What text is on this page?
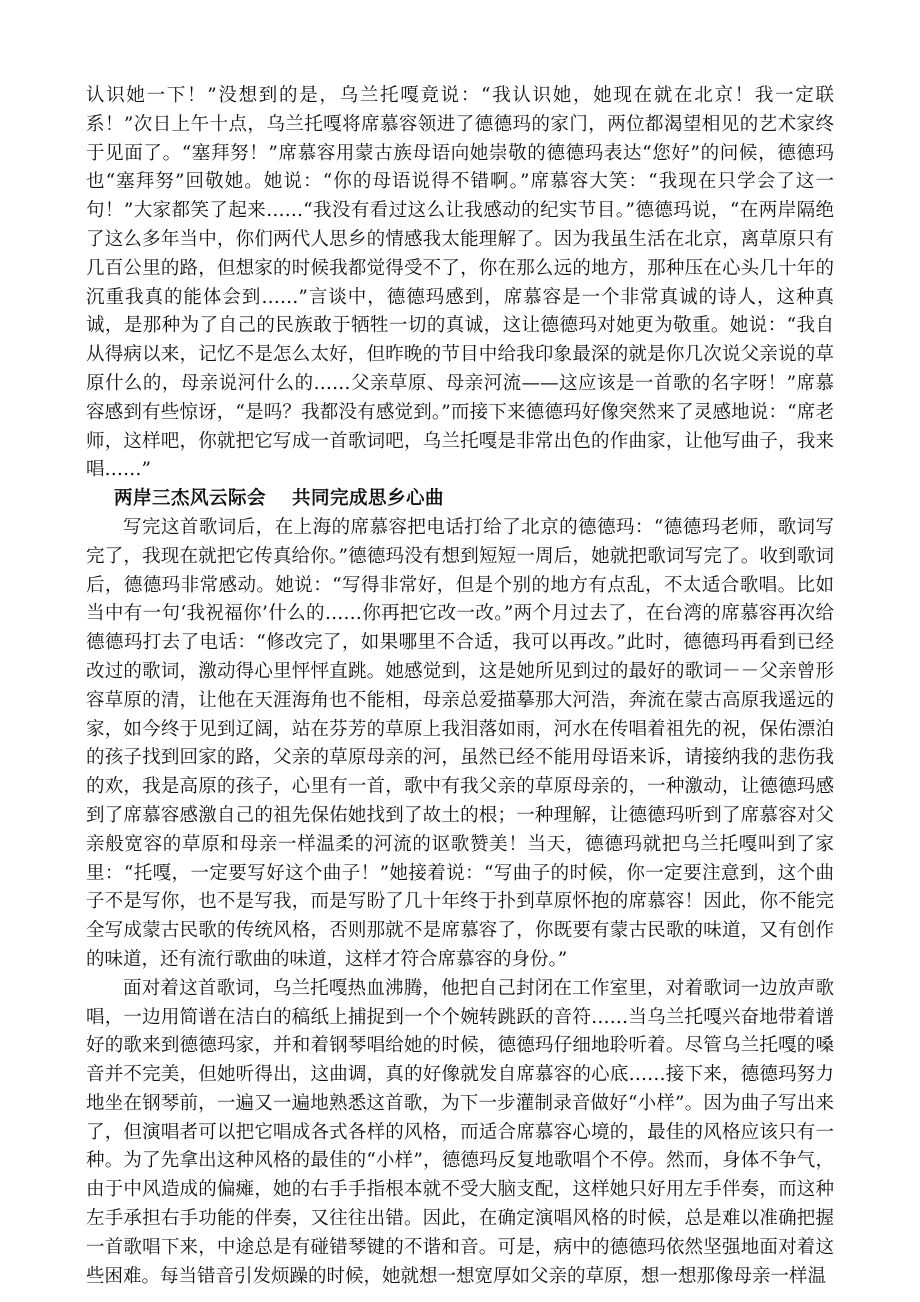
认识她一下！”没想到的是，乌兰托嘎竟说：“我认识她，她现在就在北京！我一定联系！”次日上午十点，乌兰托嘎将席慕容领进了德德玛的家门，两位都渴望相见的艺术家终于见面了。“塞拜努！”席慕容用蒙古族母语向她崇敬的德德玛表达“您好”的问候，德德玛也“塞拜努”回敬她。她说：“你的母语说得不错啊。”席慕容大笑：“我现在只学会了这一句！”大家都笑了起来……“我没有看过这么让我感动的纪实节目。”德德玛说，“在两岸隔绝了这么多年当中，你们两代人思乡的情感我太能理解了。因为我虽生活在北京，离草原只有几百公里的路，但想家的时候我都觉得受不了，你在那么远的地方，那种压在心头几十年的沉重我真的能体会到……”言谈中，德德玛感到，席慕容是一个非常真诚的诗人，这种真诚，是那种为了自己的民族敢于牺牲一切的真诚，这让德德玛对她更为敬重。她说：“我自从得病以来，记忆不是怎么太好，但昨晚的节目中给我印象最深的就是你几次说父亲说的草原什么的，母亲说河什么的……父亲草原、母亲河流——这应该是一首歌的名字呀！”席慕容感到有些惊讶，“是吗？我都没有感觉到。”而接下来德德玛好像突然来了灵感地说：“席老师，这样吧，你就把它写成一首歌词吧，乌兰托嘎是非常出色的作曲家，让他写曲子，我来唱……”

两岸三杰风云际会 共同完成思乡心曲

写完这首歌词后，在上海的席慕容把电话打给了北京的德德玛：“德德玛老师，歌词写完了，我现在就把它传真给你。”德德玛没有想到短短一周后，她就把歌词写完了。收到歌词后，德德玛非常感动。她说：“写得非常好，但是个别的地方有点乱，不太适合歌唱。比如当中有一句‘我祝福你’什么的……你再把它改一改。”两个月过去了，在台湾的席慕容再次给德德玛打去了电话：“修改完了，如果哪里不合适，我可以再改。”此时，德德玛再看到已经改过的歌词，激动得心里怦怦直跳。她感觉到，这是她所见到过的最好的歌词－－父亲曾形容草原的清，让他在天涯海角也不能相，母亲总爱描摹那大河浩，奔流在蒙古高原我遥远的家，如今终于见到辽阔，站在芬芳的草原上我泪落如雨，河水在传唱着祖先的祝，保佑漂泊的孩子找到回家的路，父亲的草原母亲的河，虽然已经不能用母语来诉，请接纳我的悲伤我的欢，我是高原的孩子，心里有一首，歌中有我父亲的草原母亲的，一种激动，让德德玛感到了席慕容感激自己的祖先保佑她找到了故土的根；一种理解，让德德玛听到了席慕容对父亲般宽容的草原和母亲一样温柔的河流的讴歌赞美！当天，德德玛就把乌兰托嘎叫到了家里：“托嘎，一定要写好这个曲子！”她接着说：“写曲子的时候，你一定要注意到，这个曲子不是写你，也不是写我，而是写盼了几十年终于扑到草原怀抱的席慕容！因此，你不能完全写成蒙古民歌的传统风格，否则那就不是席慕容了，你既要有蒙古民歌的味道，又有创作的味道，还有流行歌曲的味道，这样才符合席慕容的身份。”

面对着这首歌词，乌兰托嘎热血沸腾，他把自己封闭在工作室里，对着歌词一边放声歌唱，一边用简谱在洁白的稿纸上捕捉到一个个婉转跳跃的音符……当乌兰托嘎兴奋地带着谱好的歌来到德德玛家，并和着钢琴唱给她的时候，德德玛仔细地聆听着。尽管乌兰托嘎的嗓音并不完美，但她听得出，这曲调，真的好像就发自席慕容的心底……接下来，德德玛努力地坐在钢琴前，一遍又一遍地熟悉这首歌，为下一步灌制录音做好“小样”。因为曲子写出来了，但演唱者可以把它唱成各式各样的风格，而适合席慕容心境的，最佳的风格应该只有一种。为了先拿出这种风格的最佳的“小样”，德德玛反复地歌唱个不停。然而，身体不争气，由于中风造成的偏瘫，她的右手手指根本就不受大脑支配，这样她只好用左手伴奏，而这种左手承担右手功能的伴奏，又往往出错。因此，在确定演唱风格的时候，总是难以准确把握一首歌唱下来，中途总是有碰错琴键的不谐和音。可是，病中的德德玛依然坚强地面对着这些困难。每当错音引发烦躁的时候，她就想一想宽厚如父亲的草原，想一想那像母亲一样温
